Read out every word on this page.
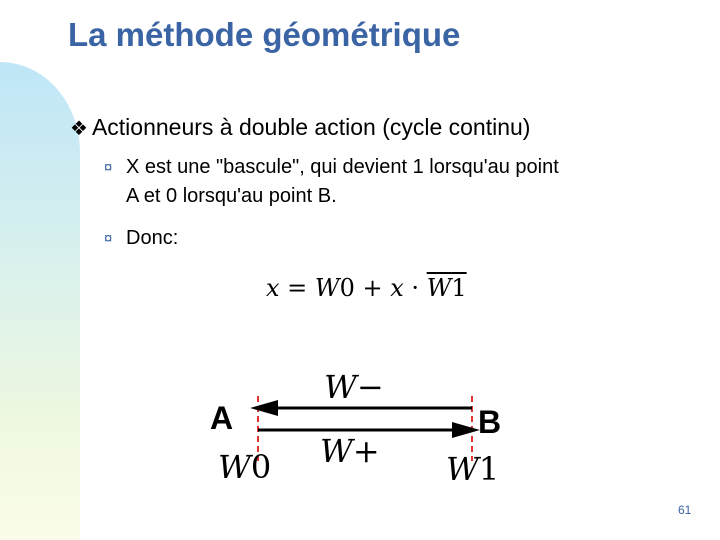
La méthode géométrique
❖ Actionneurs à double action (cycle continu)
¤ X est une "bascule", qui devient 1 lorsqu'au point
A et 0 lorsqu'au point B.
¤ Donc:
x = W0 + x · W1
A	B
W−
W+
W0	W1
61
